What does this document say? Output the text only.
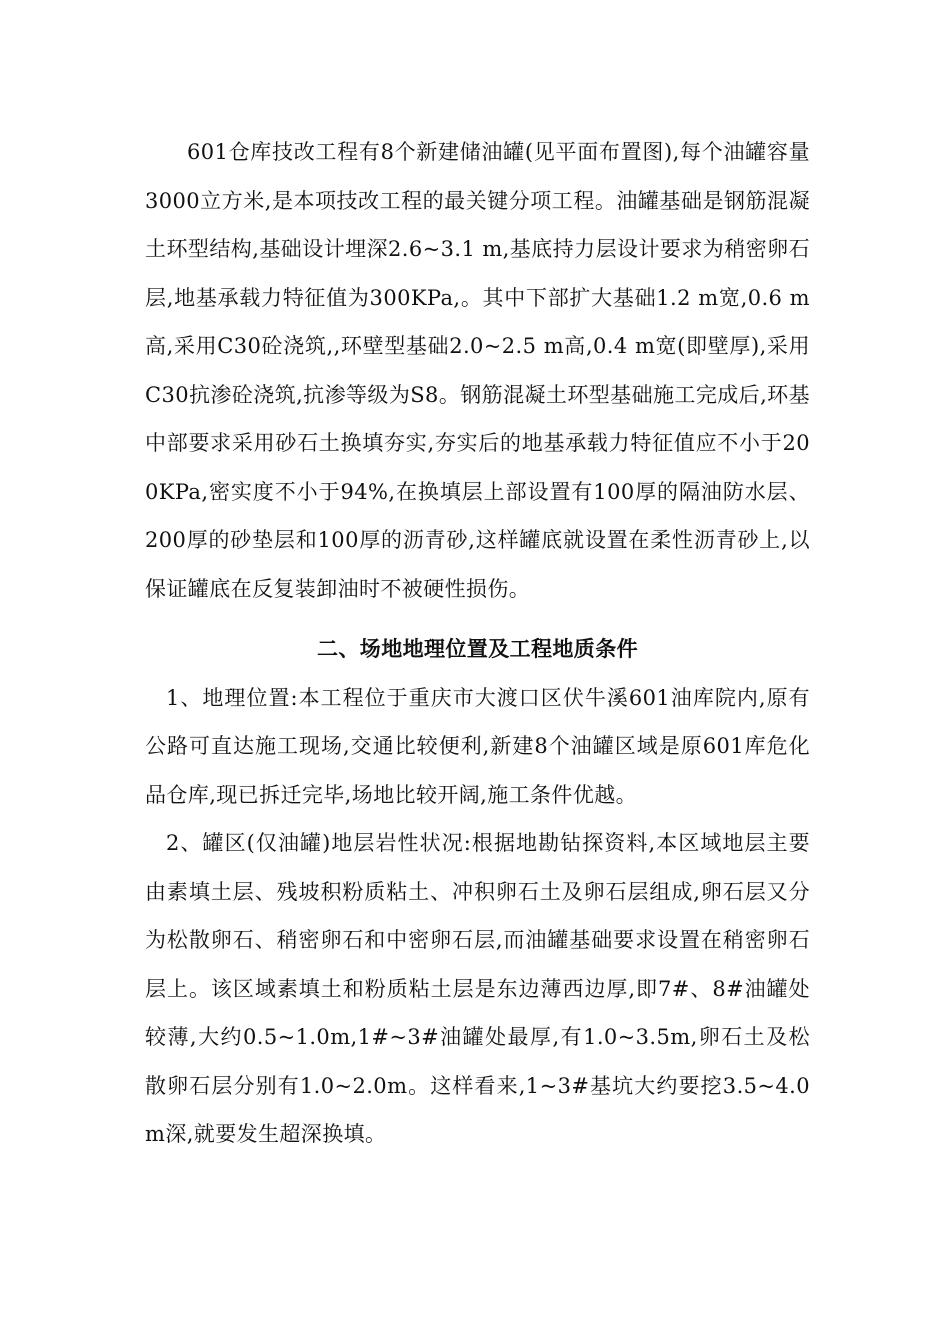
601仓库技改工程有8个新建储油罐(见平面布置图),每个油罐容量3000立方米,是本项技改工程的最关键分项工程。油罐基础是钢筋混凝土环型结构,基础设计埋深2.6~3.1 m,基底持力层设计要求为稍密卵石层,地基承载力特征值为300KPa,。其中下部扩大基础1.2 m宽,0.6 m高,采用C30砼浇筑,,环壁型基础2.0~2.5 m高,0.4 m宽(即壁厚),采用C30抗渗砼浇筑,抗渗等级为S8。钢筋混凝土环型基础施工完成后,环基中部要求采用砂石土换填夯实,夯实后的地基承载力特征值应不小于200KPa,密实度不小于94%,在换填层上部设置有100厚的隔油防水层、200厚的砂垫层和100厚的沥青砂,这样罐底就设置在柔性沥青砂上,以保证罐底在反复装卸油时不被硬性损伤。

二、场地地理位置及工程地质条件

1、地理位置:本工程位于重庆市大渡口区伏牛溪601油库院内,原有公路可直达施工现场,交通比较便利,新建8个油罐区域是原601库危化品仓库,现已拆迁完毕,场地比较开阔,施工条件优越。

2、罐区(仅油罐)地层岩性状况:根据地勘钻探资料,本区域地层主要由素填土层、残坡积粉质粘土、冲积卵石土及卵石层组成,卵石层又分为松散卵石、稍密卵石和中密卵石层,而油罐基础要求设置在稍密卵石层上。该区域素填土和粉质粘土层是东边薄西边厚,即7#、8#油罐处较薄,大约0.5~1.0m,1#~3#油罐处最厚,有1.0~3.5m,卵石土及松散卵石层分别有1.0~2.0m。这样看来,1~3#基坑大约要挖3.5~4.0m深,就要发生超深换填。
